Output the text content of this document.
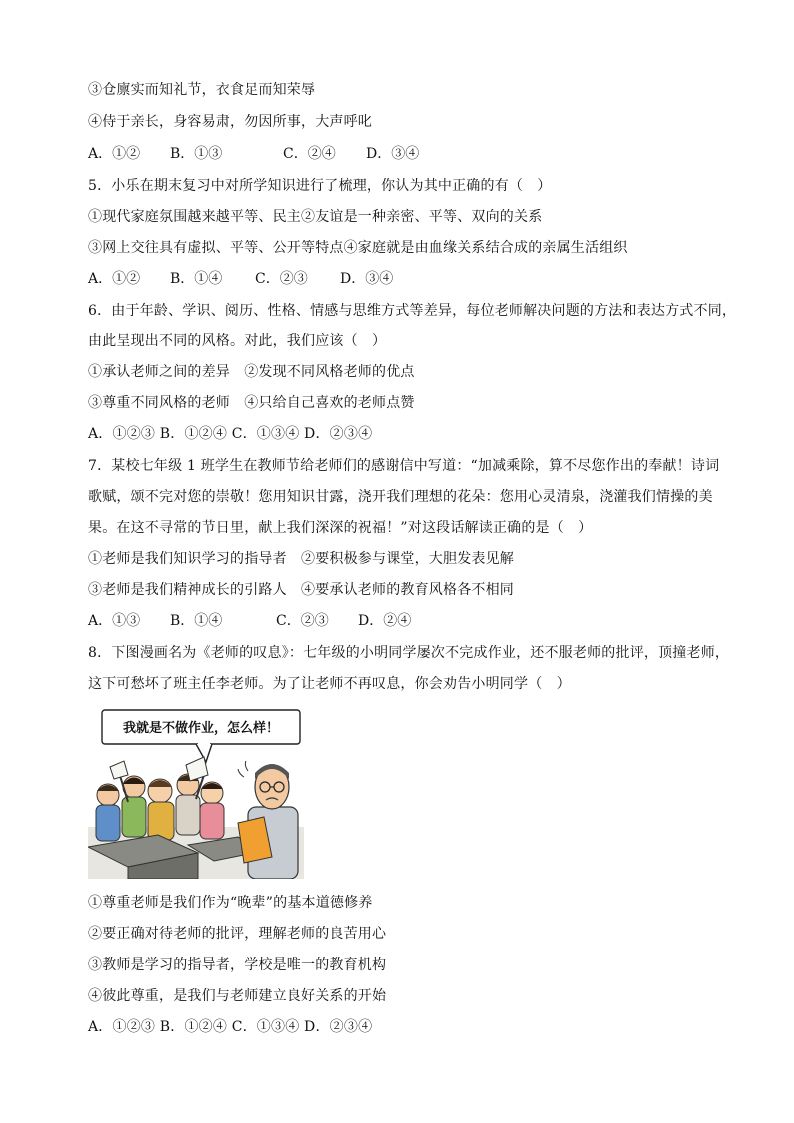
③仓廪实而知礼节，衣食足而知荣辱
④侍于亲长，身容易肃，勿因所事，大声呼叱
A．①② B．①③	C．②④ D．③④
5．小乐在期末复习中对所学知识进行了梳理，你认为其中正确的有（　）
①现代家庭氛围越来越平等、民主②友谊是一种亲密、平等、双向的关系
③网上交往具有虚拟、平等、公开等特点④家庭就是由血缘关系结合成的亲属生活组织
A．①② B．①④ C．②③ D．③④
6．由于年龄、学识、阅历、性格、情感与思维方式等差异，每位老师解决问题的方法和表达方式不同，
由此呈现出不同的风格。对此，我们应该（　）
①承认老师之间的差异　②发现不同风格老师的优点
③尊重不同风格的老师　④只给自己喜欢的老师点赞
A．①②③ B．①②④ C．①③④ D．②③④
7．某校七年级 1 班学生在教师节给老师们的感谢信中写道：“加减乘除，算不尽您作出的奉献！诗词
歌赋，颂不完对您的崇敬！您用知识甘露，浇开我们理想的花朵：您用心灵清泉，浇灌我们情操的美
果。在这不寻常的节日里，献上我们深深的祝福！”对这段话解读正确的是（　）
①老师是我们知识学习的指导者　②要积极参与课堂，大胆发表见解
③老师是我们精神成长的引路人　④要承认老师的教育风格各不相同
A．①③ B．①④	C．②③ D．②④
8．下图漫画名为《老师的叹息》：七年级的小明同学屡次不完成作业，还不服老师的批评，顶撞老师，
这下可愁坏了班主任李老师。为了让老师不再叹息，你会劝告小明同学（　）
我就是不做作业，怎么样！
①尊重老师是我们作为“晚辈”的基本道德修养
②要正确对待老师的批评，理解老师的良苦用心
③教师是学习的指导者，学校是唯一的教育机构
④彼此尊重，是我们与老师建立良好关系的开始
A．①②③ B．①②④ C．①③④ D．②③④
